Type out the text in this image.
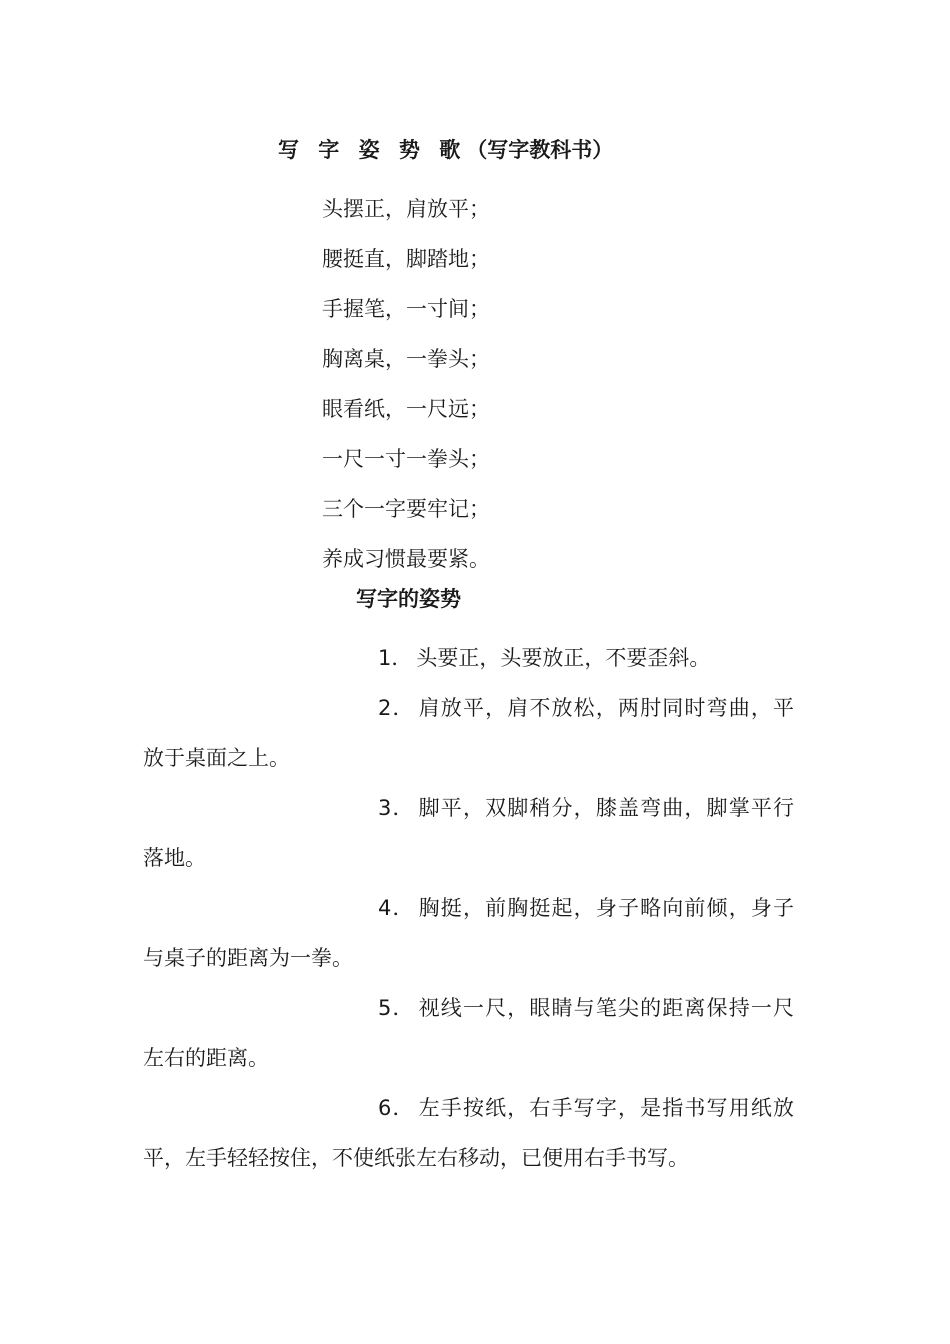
写 字 姿 势 歌（写字教科书）
头摆正，肩放平；
腰挺直，脚踏地；
手握笔，一寸间；
胸离桌，一拳头；
眼看纸，一尺远；
一尺一寸一拳头；
三个一字要牢记；
养成习惯最要紧。
写字的姿势
1． 头要正，头要放正，不要歪斜。
2． 肩放平，肩不放松，两肘同时弯曲，平放于桌面之上。
3． 脚平，双脚稍分，膝盖弯曲，脚掌平行落地。
4． 胸挺，前胸挺起，身子略向前倾，身子与桌子的距离为一拳。
5． 视线一尺，眼睛与笔尖的距离保持一尺左右的距离。
6． 左手按纸，右手写字，是指书写用纸放平，左手轻轻按住，不使纸张左右移动，已便用右手书写。
